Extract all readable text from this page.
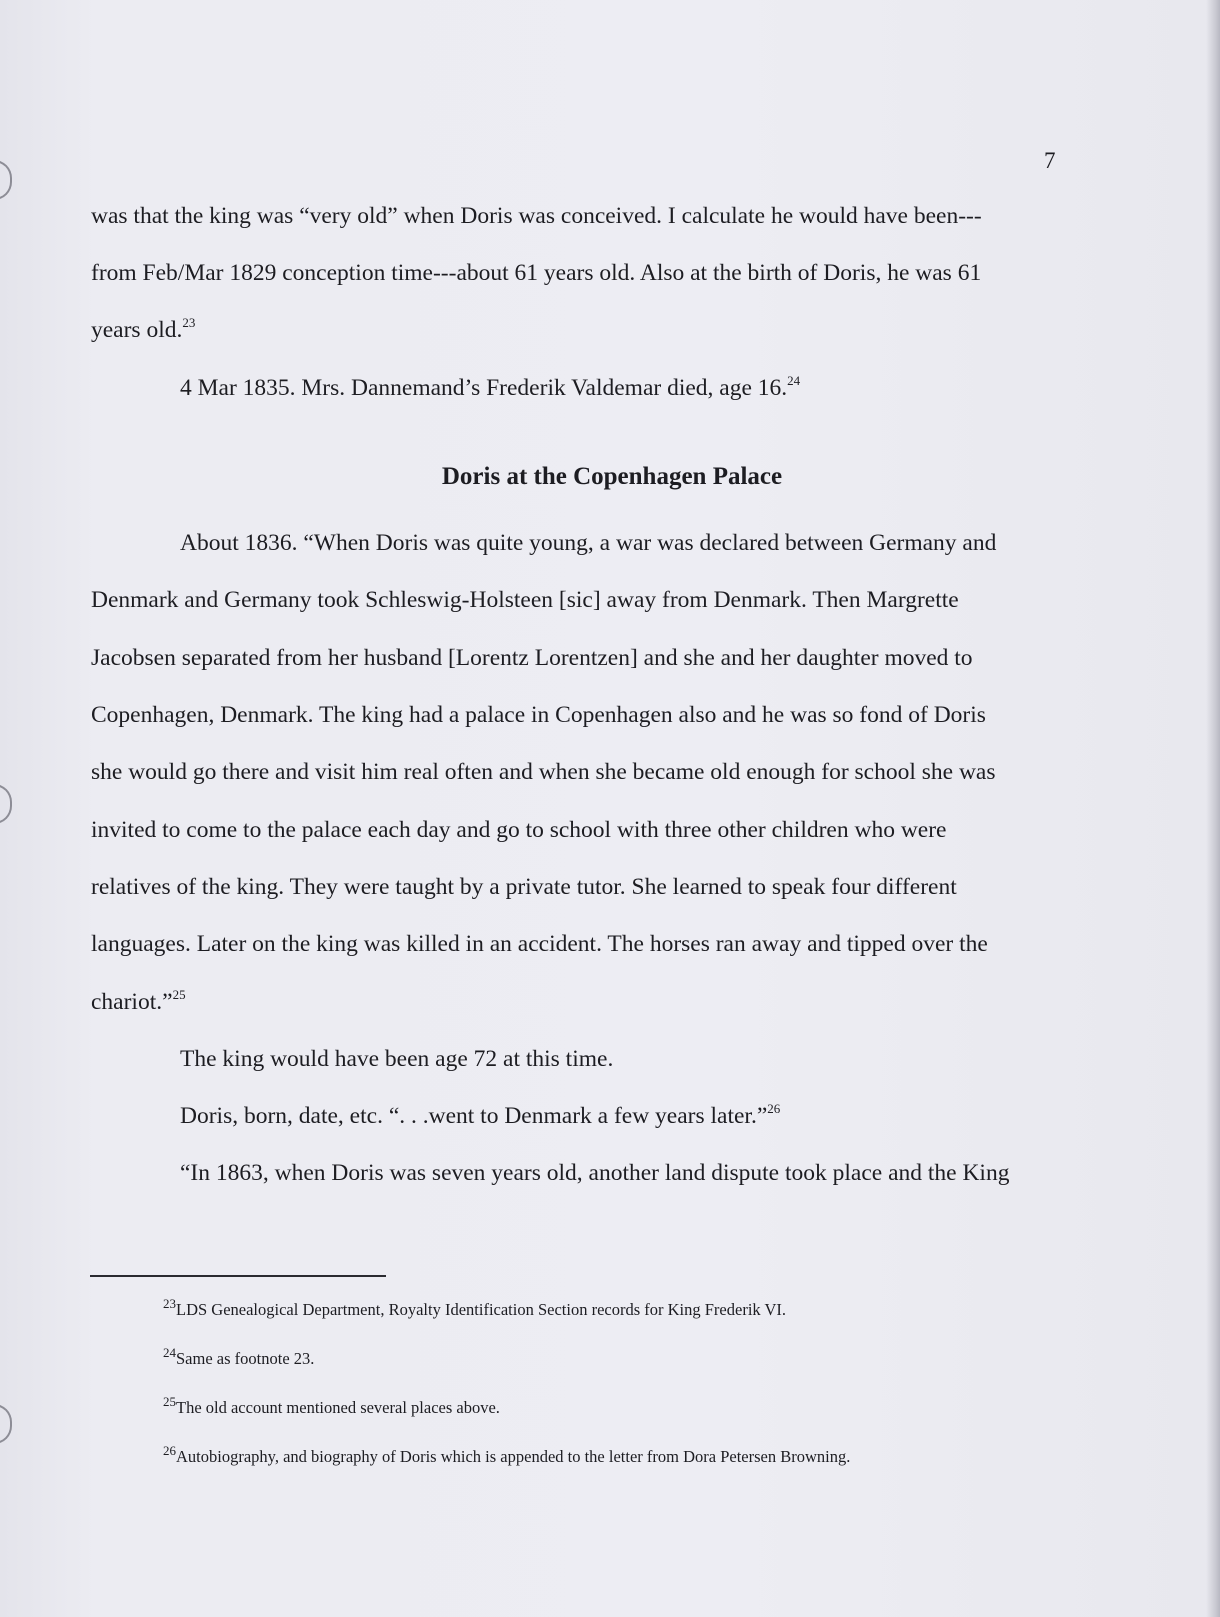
7
was that the king was “very old” when Doris was conceived. I calculate he would have been---
from Feb/Mar 1829 conception time---about 61 years old. Also at the birth of Doris, he was 61
years old.$^{23}$
4 Mar 1835. Mrs. Dannemand’s Frederik Valdemar died, age 16.24
Doris at the Copenhagen Palace
About 1836. “When Doris was quite young, a war was declared between Germany and
Denmark and Germany took Schleswig-Holsteen [sic] away from Denmark. Then Margrette
Jacobsen separated from her husband [Lorentz Lorentzen] and she and her daughter moved to
Copenhagen, Denmark. The king had a palace in Copenhagen also and he was so fond of Doris
she would go there and visit him real often and when she became old enough for school she was
invited to come to the palace each day and go to school with three other children who were
relatives of the king. They were taught by a private tutor. She learned to speak four different
languages. Later on the king was killed in an accident. The horses ran away and tipped over the
chariot.”$^{25}$
The king would have been age 72 at this time.
Doris, born, date, etc. “. . .went to Denmark a few years later.”$^{26}$
“In 1863, when Doris was seven years old, another land dispute took place and the King
$^{23}$LDS Genealogical Department, Royalty Identification Section records for King Frederik VI.
$^{24}$Same as footnote 23.
$^{25}$The old account mentioned several places above.
$^{26}$Autobiography, and biography of Doris which is appended to the letter from Dora Petersen Browning.
